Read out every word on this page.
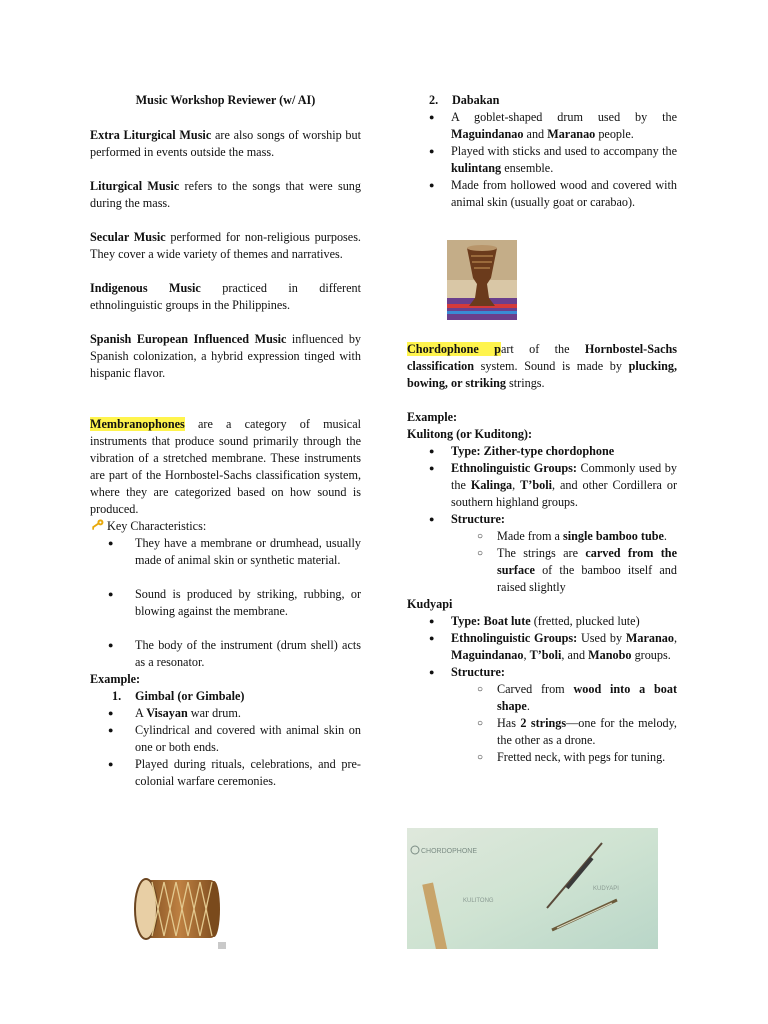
Music Workshop Reviewer (w/ AI)

Extra Liturgical Music are also songs of worship but performed in events outside the mass.

Liturgical Music refers to the songs that were sung during the mass.

Secular Music performed for non-religious purposes. They cover a wide variety of themes and narratives.

Indigenous Music practiced in different ethnolinguistic groups in the Philippines.

Spanish European Influenced Music influenced by Spanish colonization, a hybrid expression tinged with hispanic flavor.

Membranophones are a category of musical instruments that produce sound primarily through the vibration of a stretched membrane. These instruments are part of the Hornbostel-Sachs classification system, where they are categorized based on how sound is produced.

Key Characteristics:

● They have a membrane or drumhead, usually made of animal skin or synthetic material.

● Sound is produced by striking, rubbing, or blowing against the membrane.

● The body of the instrument (drum shell) acts as a resonator.

Example:

1. Gimbal (or Gimbale)

● A Visayan war drum.

● Cylindrical and covered with animal skin on one or both ends.

● Played during rituals, celebrations, and pre-colonial warfare ceremonies.

2. Dabakan

● A goblet-shaped drum used by the Maguindanao and Maranao people.

● Played with sticks and used to accompany the kulintang ensemble.

● Made from hollowed wood and covered with animal skin (usually goat or carabao).

Chordophone part of the Hornbostel-Sachs classification system. Sound is made by plucking, bowing, or striking strings.

Example:

Kulitong (or Kuditong):

● Type: Zither-type chordophone

● Ethnolinguistic Groups: Commonly used by the Kalinga, T’boli, and other Cordillera or southern highland groups.

● Structure:

○ Made from a single bamboo tube.

○ The strings are carved from the surface of the bamboo itself and raised slightly

Kudyapi

● Type: Boat lute (fretted, plucked lute)

● Ethnolinguistic Groups: Used by Maranao, Maguindanao, T’boli, and Manobo groups.

● Structure:

○ Carved from wood into a boat shape.

○ Has 2 strings—one for the melody, the other as a drone.

○ Fretted neck, with pegs for tuning.

CHORDOPHONE
KULITONG
KUDYAPI
